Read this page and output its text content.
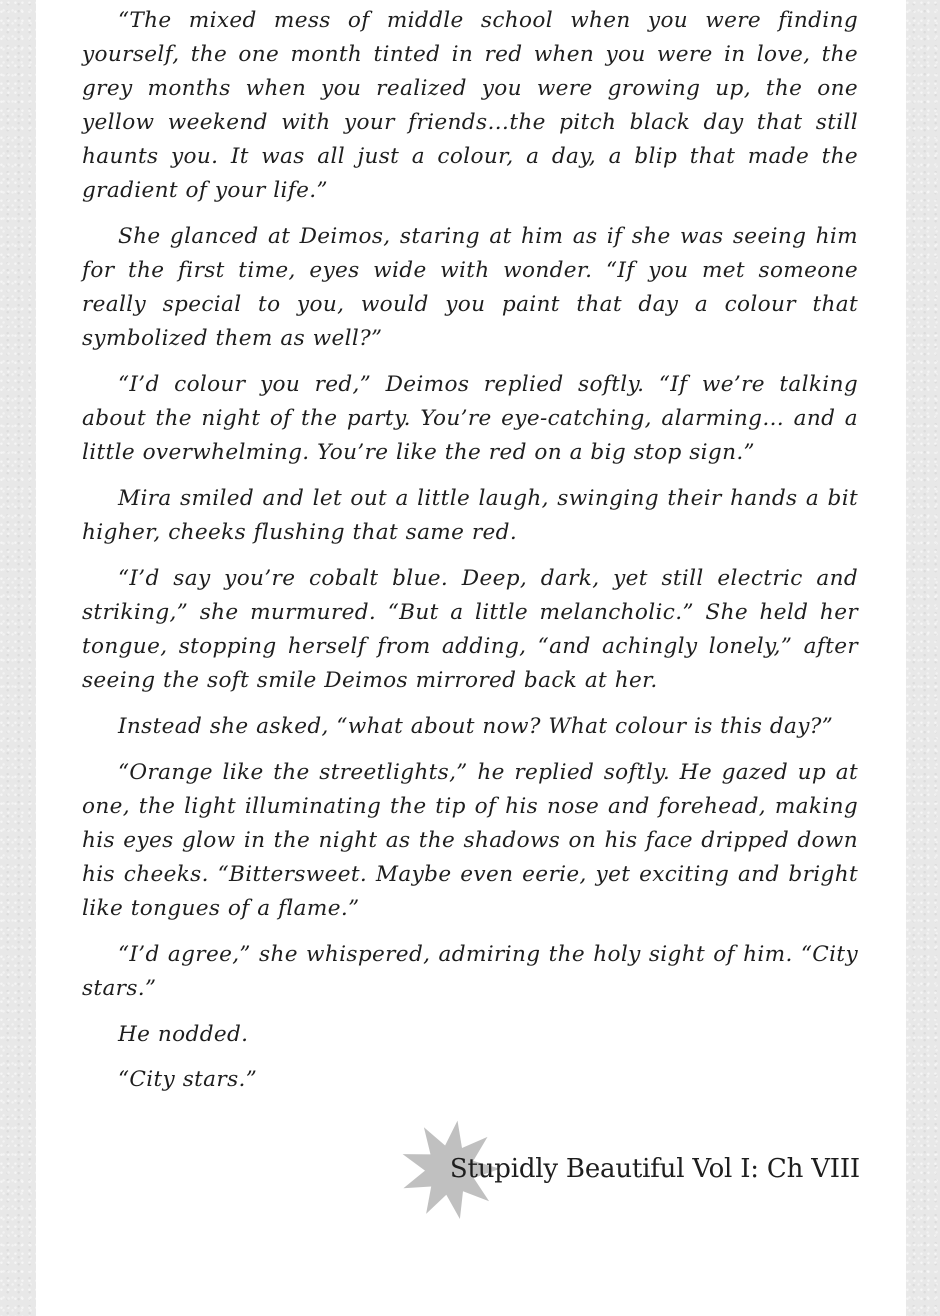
“The mixed mess of middle school when you were finding yourself, the one month tinted in red when you were in love, the grey months when you realized you were growing up, the one yellow weekend with your friends…the pitch black day that still haunts you. It was all just a colour, a day, a blip that made the gradient of your life.”

She glanced at Deimos, staring at him as if she was seeing him for the first time, eyes wide with wonder. “If you met someone really special to you, would you paint that day a colour that symbolized them as well?”

“I’d colour you red,” Deimos replied softly. “If we’re talking about the night of the party. You’re eye-catching, alarming… and a little overwhelming. You’re like the red on a big stop sign.”

Mira smiled and let out a little laugh, swinging their hands a bit higher, cheeks flushing that same red.

“I’d say you’re cobalt blue. Deep, dark, yet still electric and striking,” she murmured. “But a little melancholic.” She held her tongue, stopping herself from adding, “and achingly lonely,” after seeing the soft smile Deimos mirrored back at her.

Instead she asked, “what about now? What colour is this day?”

“Orange like the streetlights,” he replied softly. He gazed up at one, the light illuminating the tip of his nose and forehead, making his eyes glow in the night as the shadows on his face dripped down his cheeks. “Bittersweet. Maybe even eerie, yet exciting and bright like tongues of a flame.”

“I’d agree,” she whispered, admiring the holy sight of him. “City stars.”

He nodded.

“City stars.”

Stupidly Beautiful Vol I: Ch VIII
